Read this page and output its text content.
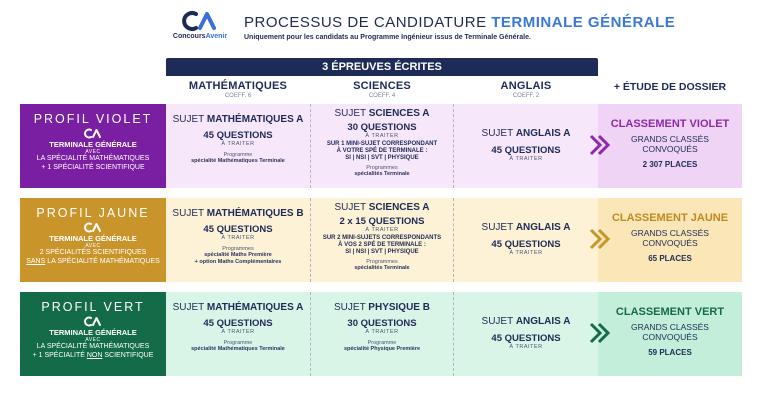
ConcoursAvenir
PROCESSUS DE CANDIDATURE TERMINALE GÉNÉRALE
Uniquement pour les candidats au Programme Ingénieur issus de Terminale Générale.
3 ÉPREUVES ÉCRITES
MATHÉMATIQUES
COEFF. 6
SCIENCES
COEFF. 4
ANGLAIS
COEFF. 2
+ ÉTUDE DE DOSSIER
PROFIL VIOLET
TERMINALE GÉNÉRALE
AVEC
LA SPÉCIALITÉ MATHÉMATIQUES
+ 1 SPÉCIALITÉ SCIENTIFIQUE
SUJET MATHÉMATIQUES A
45 QUESTIONS
À TRAITER
Programme
spécialité Mathématiques Terminale
SUJET SCIENCES A
30 QUESTIONS
À TRAITER
SUR 1 MINI-SUJET CORRESPONDANT
À VOTRE SPÉ DE TERMINALE :
SI | NSI | SVT | PHYSIQUE
Programmes
spécialités Terminale
SUJET ANGLAIS A
45 QUESTIONS
À TRAITER
CLASSEMENT VIOLET
GRANDS CLASSÉS
CONVOQUÉS
2 307 PLACES
PROFIL JAUNE
TERMINALE GÉNÉRALE
AVEC
2 SPÉCIALITÉS SCIENTIFIQUES
SANS LA SPÉCIALITÉ MATHÉMATIQUES
SUJET MATHÉMATIQUES B
45 QUESTIONS
À TRAITER
Programmes
spécialité Maths Première
+ option Maths Complémentaires
SUJET SCIENCES A
2 x 15 QUESTIONS
À TRAITER
SUR 2 MINI-SUJETS CORRESPONDANTS
À VOS 2 SPÉ DE TERMINALE :
SI | NSI | SVT | PHYSIQUE
Programmes
spécialités Terminale
SUJET ANGLAIS A
45 QUESTIONS
À TRAITER
CLASSEMENT JAUNE
GRANDS CLASSÉS
CONVOQUÉS
65 PLACES
PROFIL VERT
TERMINALE GÉNÉRALE
AVEC
LA SPÉCIALITÉ MATHÉMATIQUES
+ 1 SPÉCIALITÉ NON SCIENTIFIQUE
SUJET MATHÉMATIQUES A
45 QUESTIONS
À TRAITER
Programme
spécialité Mathématiques Terminale
SUJET PHYSIQUE B
30 QUESTIONS
À TRAITER
Programme
spécialité Physique Première
SUJET ANGLAIS A
45 QUESTIONS
À TRAITER
CLASSEMENT VERT
GRANDS CLASSÉS
CONVOQUÉS
59 PLACES
